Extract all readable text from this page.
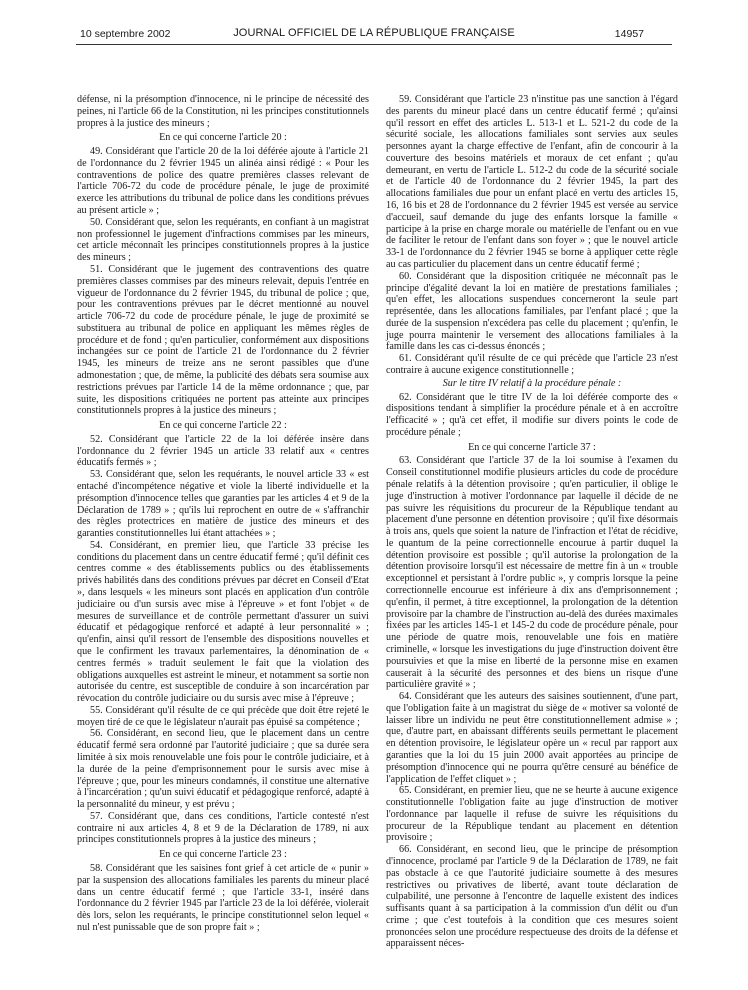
10 septembre 2002	JOURNAL OFFICIEL DE LA RÉPUBLIQUE FRANÇAISE	14957

défense, ni la présomption d'innocence, ni le principe de nécessité des peines, ni l'article 66 de la Constitution, ni les principes constitutionnels propres à la justice des mineurs ;

En ce qui concerne l'article 20 :

49. Considérant que l'article 20 de la loi déférée ajoute à l'article 21 de l'ordonnance du 2 février 1945 un alinéa ainsi rédigé : « Pour les contraventions de police des quatre premières classes relevant de l'article 706-72 du code de procédure pénale, le juge de proximité exerce les attributions du tribunal de police dans les conditions prévues au présent article » ;

50. Considérant que, selon les requérants, en confiant à un magistrat non professionnel le jugement d'infractions commises par les mineurs, cet article méconnaît les principes constitutionnels propres à la justice des mineurs ;

51. Considérant que le jugement des contraventions des quatre premières classes commises par des mineurs relevait, depuis l'entrée en vigueur de l'ordonnance du 2 février 1945, du tribunal de police ; que, pour les contraventions prévues par le décret mentionné au nouvel article 706-72 du code de procédure pénale, le juge de proximité se substituera au tribunal de police en appliquant les mêmes règles de procédure et de fond ; qu'en particulier, conformément aux dispositions inchangées sur ce point de l'article 21 de l'ordonnance du 2 février 1945, les mineurs de treize ans ne seront passibles que d'une admonestation ; que, de même, la publicité des débats sera soumise aux restrictions prévues par l'article 14 de la même ordonnance ; que, par suite, les dispositions critiquées ne portent pas atteinte aux principes constitutionnels propres à la justice des mineurs ;

En ce qui concerne l'article 22 :

52. Considérant que l'article 22 de la loi déférée insère dans l'ordonnance du 2 février 1945 un article 33 relatif aux « centres éducatifs fermés » ;

53. Considérant que, selon les requérants, le nouvel article 33 « est entaché d'incompétence négative et viole la liberté individuelle et la présomption d'innocence telles que garanties par les articles 4 et 9 de la Déclaration de 1789 » ; qu'ils lui reprochent en outre de « s'affranchir des règles protectrices en matière de justice des mineurs et des garanties constitutionnelles lui étant attachées » ;

54. Considérant, en premier lieu, que l'article 33 précise les conditions du placement dans un centre éducatif fermé ; qu'il définit ces centres comme « des établissements publics ou des établissements privés habilités dans des conditions prévues par décret en Conseil d'Etat », dans lesquels « les mineurs sont placés en application d'un contrôle judiciaire ou d'un sursis avec mise à l'épreuve » et font l'objet « de mesures de surveillance et de contrôle permettant d'assurer un suivi éducatif et pédagogique renforcé et adapté à leur personnalité » ; qu'enfin, ainsi qu'il ressort de l'ensemble des dispositions nouvelles et que le confirment les travaux parlementaires, la dénomination de « centres fermés » traduit seulement le fait que la violation des obligations auxquelles est astreint le mineur, et notamment sa sortie non autorisée du centre, est susceptible de conduire à son incarcération par révocation du contrôle judiciaire ou du sursis avec mise à l'épreuve ;

55. Considérant qu'il résulte de ce qui précède que doit être rejeté le moyen tiré de ce que le législateur n'aurait pas épuisé sa compétence ;

56. Considérant, en second lieu, que le placement dans un centre éducatif fermé sera ordonné par l'autorité judiciaire ; que sa durée sera limitée à six mois renouvelable une fois pour le contrôle judiciaire, et à la durée de la peine d'emprisonnement pour le sursis avec mise à l'épreuve ; que, pour les mineurs condamnés, il constitue une alternative à l'incarcération ; qu'un suivi éducatif et pédagogique renforcé, adapté à la personnalité du mineur, y est prévu ;

57. Considérant que, dans ces conditions, l'article contesté n'est contraire ni aux articles 4, 8 et 9 de la Déclaration de 1789, ni aux principes constitutionnels propres à la justice des mineurs ;

En ce qui concerne l'article 23 :

58. Considérant que les saisines font grief à cet article de « punir » par la suspension des allocations familiales les parents du mineur placé dans un centre éducatif fermé ; que l'article 33-1, inséré dans l'ordonnance du 2 février 1945 par l'article 23 de la loi déférée, violerait dès lors, selon les requérants, le principe constitutionnel selon lequel « nul n'est punissable que de son propre fait » ;

59. Considérant que l'article 23 n'institue pas une sanction à l'égard des parents du mineur placé dans un centre éducatif fermé ; qu'ainsi qu'il ressort en effet des articles L. 513-1 et L. 521-2 du code de la sécurité sociale, les allocations familiales sont servies aux seules personnes ayant la charge effective de l'enfant, afin de concourir à la couverture des besoins matériels et moraux de cet enfant ; qu'au demeurant, en vertu de l'article L. 512-2 du code de la sécurité sociale et de l'article 40 de l'ordonnance du 2 février 1945, la part des allocations familiales due pour un enfant placé en vertu des articles 15, 16, 16 bis et 28 de l'ordonnance du 2 février 1945 est versée au service d'accueil, sauf demande du juge des enfants lorsque la famille « participe à la prise en charge morale ou matérielle de l'enfant ou en vue de faciliter le retour de l'enfant dans son foyer » ; que le nouvel article 33-1 de l'ordonnance du 2 février 1945 se borne à appliquer cette règle au cas particulier du placement dans un centre éducatif fermé ;

60. Considérant que la disposition critiquée ne méconnaît pas le principe d'égalité devant la loi en matière de prestations familiales ; qu'en effet, les allocations suspendues concerneront la seule part représentée, dans les allocations familiales, par l'enfant placé ; que la durée de la suspension n'excédera pas celle du placement ; qu'enfin, le juge pourra maintenir le versement des allocations familiales à la famille dans les cas ci-dessus énoncés ;

61. Considérant qu'il résulte de ce qui précède que l'article 23 n'est contraire à aucune exigence constitutionnelle ;

Sur le titre IV relatif à la procédure pénale :

62. Considérant que le titre IV de la loi déférée comporte des « dispositions tendant à simplifier la procédure pénale et à en accroître l'efficacité » ; qu'à cet effet, il modifie sur divers points le code de procédure pénale ;

En ce qui concerne l'article 37 :

63. Considérant que l'article 37 de la loi soumise à l'examen du Conseil constitutionnel modifie plusieurs articles du code de procédure pénale relatifs à la détention provisoire ; qu'en particulier, il oblige le juge d'instruction à motiver l'ordonnance par laquelle il décide de ne pas suivre les réquisitions du procureur de la République tendant au placement d'une personne en détention provisoire ; qu'il fixe désormais à trois ans, quels que soient la nature de l'infraction et l'état de récidive, le quantum de la peine correctionnelle encourue à partir duquel la détention provisoire est possible ; qu'il autorise la prolongation de la détention provisoire lorsqu'il est nécessaire de mettre fin à un « trouble exceptionnel et persistant à l'ordre public », y compris lorsque la peine correctionnelle encourue est inférieure à dix ans d'emprisonnement ; qu'enfin, il permet, à titre exceptionnel, la prolongation de la détention provisoire par la chambre de l'instruction au-delà des durées maximales fixées par les articles 145-1 et 145-2 du code de procédure pénale, pour une période de quatre mois, renouvelable une fois en matière criminelle, « lorsque les investigations du juge d'instruction doivent être poursuivies et que la mise en liberté de la personne mise en examen causerait à la sécurité des personnes et des biens un risque d'une particulière gravité » ;

64. Considérant que les auteurs des saisines soutiennent, d'une part, que l'obligation faite à un magistrat du siège de « motiver sa volonté de laisser libre un individu ne peut être constitutionnellement admise » ; que, d'autre part, en abaissant différents seuils permettant le placement en détention provisoire, le législateur opère un « recul par rapport aux garanties que la loi du 15 juin 2000 avait apportées au principe de présomption d'innocence qui ne pourra qu'être censuré au bénéfice de l'application de l'effet cliquet » ;

65. Considérant, en premier lieu, que ne se heurte à aucune exigence constitutionnelle l'obligation faite au juge d'instruction de motiver l'ordonnance par laquelle il refuse de suivre les réquisitions du procureur de la République tendant au placement en détention provisoire ;

66. Considérant, en second lieu, que le principe de présomption d'innocence, proclamé par l'article 9 de la Déclaration de 1789, ne fait pas obstacle à ce que l'autorité judiciaire soumette à des mesures restrictives ou privatives de liberté, avant toute déclaration de culpabilité, une personne à l'encontre de laquelle existent des indices suffisants quant à sa participation à la commission d'un délit ou d'un crime ; que c'est toutefois à la condition que ces mesures soient prononcées selon une procédure respectueuse des droits de la défense et apparaissent néces-
